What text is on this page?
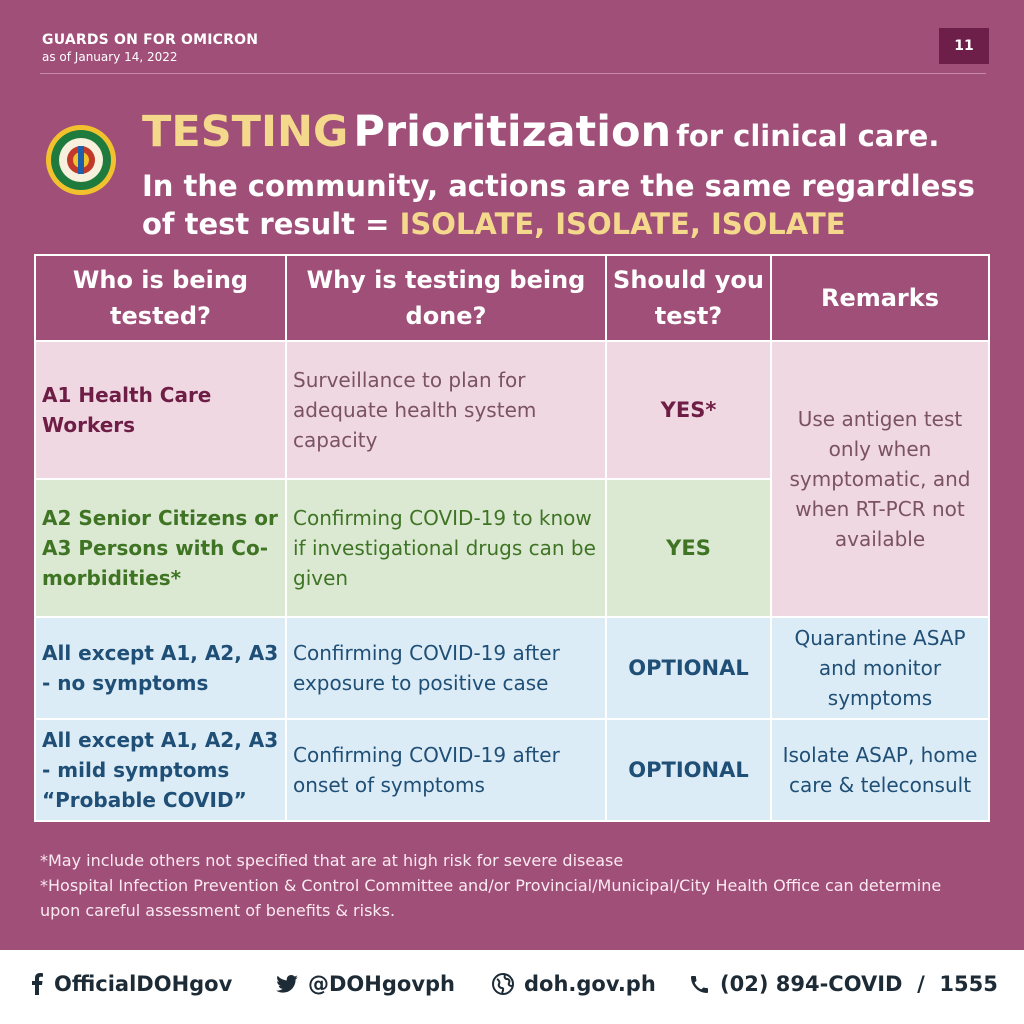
GUARDS ON FOR OMICRON
as of January 14, 2022
11
TESTING Prioritization for clinical care.
In the community, actions are the same regardless
of test result = ISOLATE, ISOLATE, ISOLATE
Who is being tested?	Why is testing being done?	Should you test?	Remarks
A1 Health Care Workers	Surveillance to plan for adequate health system capacity	YES*	Use antigen test only when symptomatic, and when RT-PCR not available
A2 Senior Citizens or A3 Persons with Co-morbidities*	Confirming COVID-19 to know if investigational drugs can be given	YES	
All except A1, A2, A3 - no symptoms	Confirming COVID-19 after exposure to positive case	OPTIONAL	Quarantine ASAP and monitor symptoms
All except A1, A2, A3 - mild symptoms “Probable COVID”	Confirming COVID-19 after onset of symptoms	OPTIONAL	Isolate ASAP, home care & teleconsult
*May include others not specified that are at high risk for severe disease
*Hospital Infection Prevention & Control Committee and/or Provincial/Municipal/City Health Office can determine upon careful assessment of benefits & risks.
OfficialDOHgov	@DOHgovph	doh.gov.ph	(02) 894-COVID  /  1555
